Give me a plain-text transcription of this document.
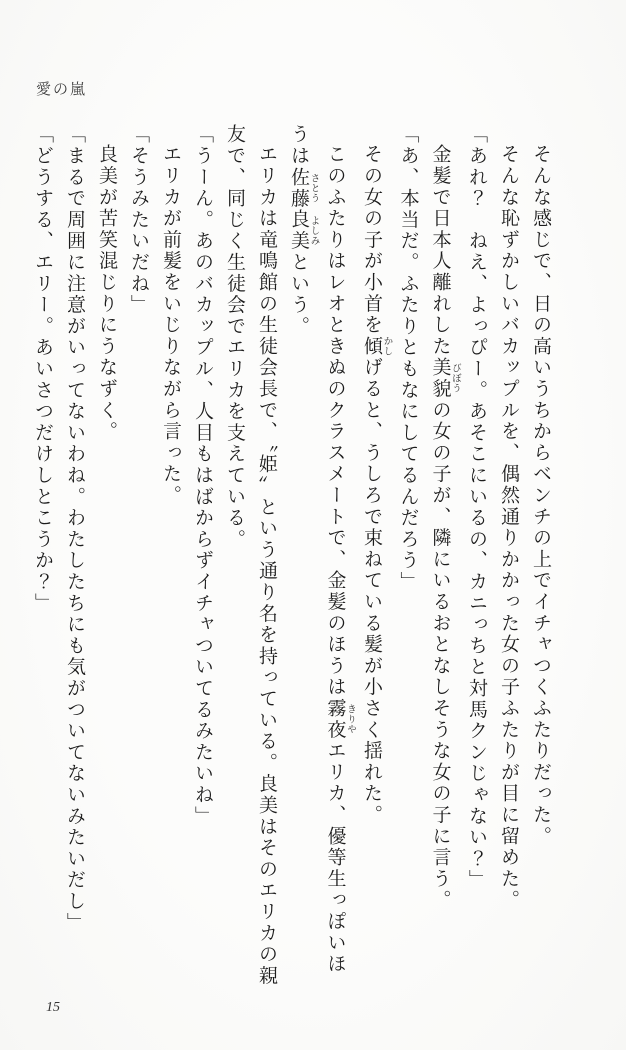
愛の嵐

そんな感じで、日の高いうちからベンチの上でイチャつくふたりだった。

そんな恥ずかしいバカップルを、偶然通りかかった女の子ふたりが目に留めた。

「あれ？　ねえ、よっぴー。あそこにいるの、カニっちと対馬クンじゃない？」

金髪で日本人離れした美貌 びぼうの女の子が、隣にいるおとなしそうな女の子に言う。

「あ、本当だ。ふたりともなにしてるんだろう」

その女の子が小首を傾 かしげると、うしろで束ねている髪が小さく揺れた。

このふたりはレオときぬのクラスメートで、金髪のほうは霧夜 きりやエリカ、優等生っぽいほ

うは佐藤 さとう良美 よしみという。

エリカは竜鳴館の生徒会長で、〝姫〟という通り名を持っている。良美はそのエリカの親

友で、同じく生徒会でエリカを支えている。

「うーん。あのバカップル、人目もはばからずイチャついてるみたいね」

エリカが前髪をいじりながら言った。

「そうみたいだね」

良美が苦笑混じりにうなずく。

「まるで周囲に注意がいってないわね。わたしたちにも気がついてないみたいだし」

「どうする、エリー。あいさつだけしとこうか？」

15
